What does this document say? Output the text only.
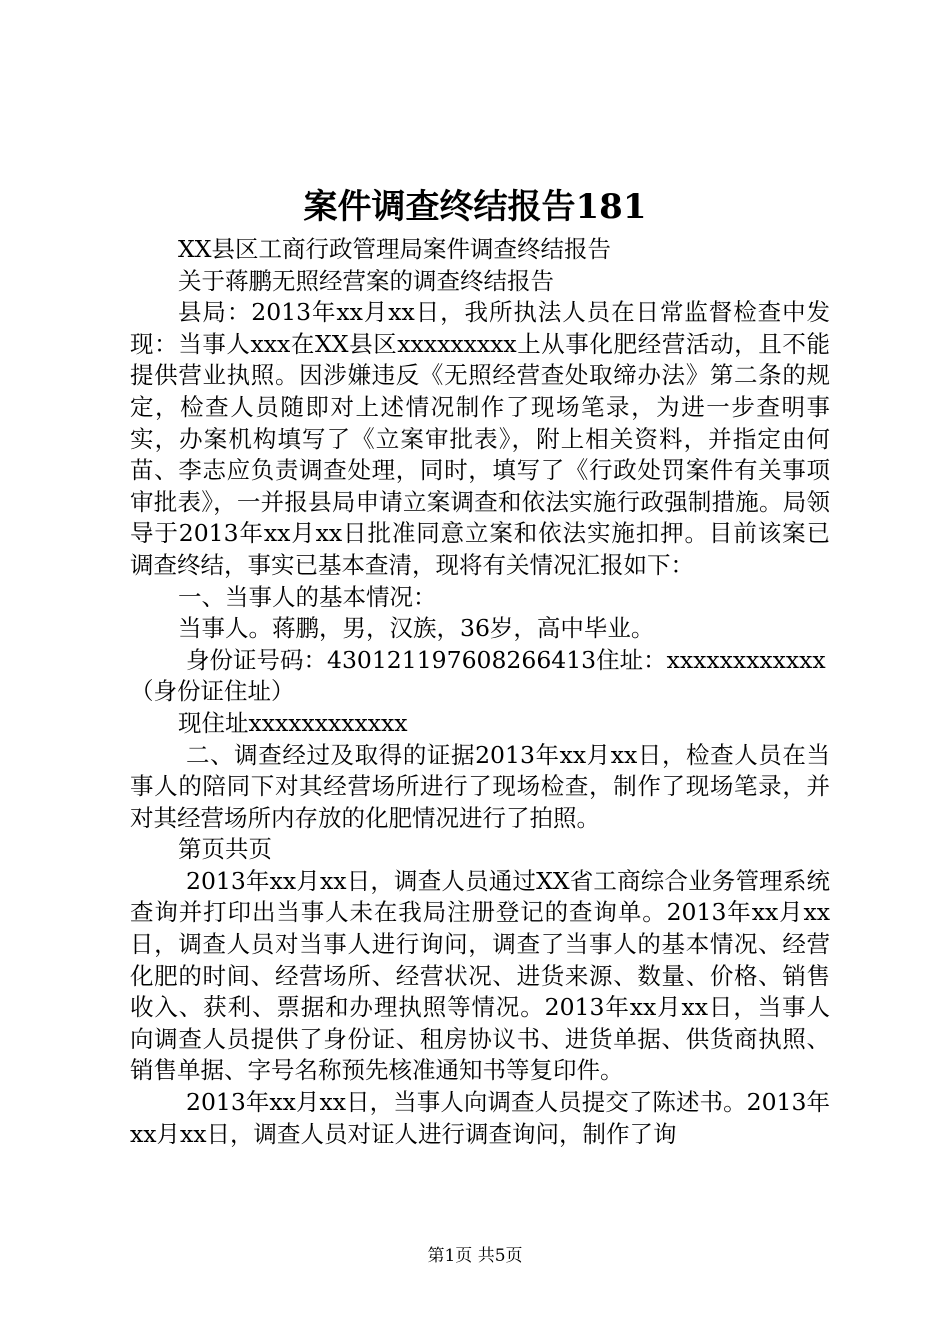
案件调查终结报告181

XX县区工商行政管理局案件调查终结报告

关于蒋鹏无照经营案的调查终结报告

县局：2013年xx月xx日，我所执法人员在日常监督检查中发现：当事人xxx在XX县区xxxxxxxxx上从事化肥经营活动，且不能提供营业执照。因涉嫌违反《无照经营查处取缔办法》第二条的规定，检查人员随即对上述情况制作了现场笔录，为进一步查明事实，办案机构填写了《立案审批表》，附上相关资料，并指定由何苗、李志应负责调查处理，同时，填写了《行政处罚案件有关事项审批表》，一并报县局申请立案调查和依法实施行政强制措施。局领导于2013年xx月xx日批准同意立案和依法实施扣押。目前该案已调查终结，事实已基本查清，现将有关情况汇报如下：

一、当事人的基本情况：

当事人。蒋鹏，男，汉族，36岁，高中毕业。

身份证号码：430121197608266413住址：xxxxxxxxxxxx（身份证住址）

现住址xxxxxxxxxxxx

二、调查经过及取得的证据2013年xx月xx日，检查人员在当事人的陪同下对其经营场所进行了现场检查，制作了现场笔录，并对其经营场所内存放的化肥情况进行了拍照。

第页共页

2013年xx月xx日，调查人员通过XX省工商综合业务管理系统查询并打印出当事人未在我局注册登记的查询单。2013年xx月xx日，调查人员对当事人进行询问，调查了当事人的基本情况、经营化肥的时间、经营场所、经营状况、进货来源、数量、价格、销售收入、获利、票据和办理执照等情况。2013年xx月xx日，当事人向调查人员提供了身份证、租房协议书、进货单据、供货商执照、销售单据、字号名称预先核准通知书等复印件。

2013年xx月xx日，当事人向调查人员提交了陈述书。2013年xx月xx日，调查人员对证人进行调查询问，制作了询

第1页 共5页
